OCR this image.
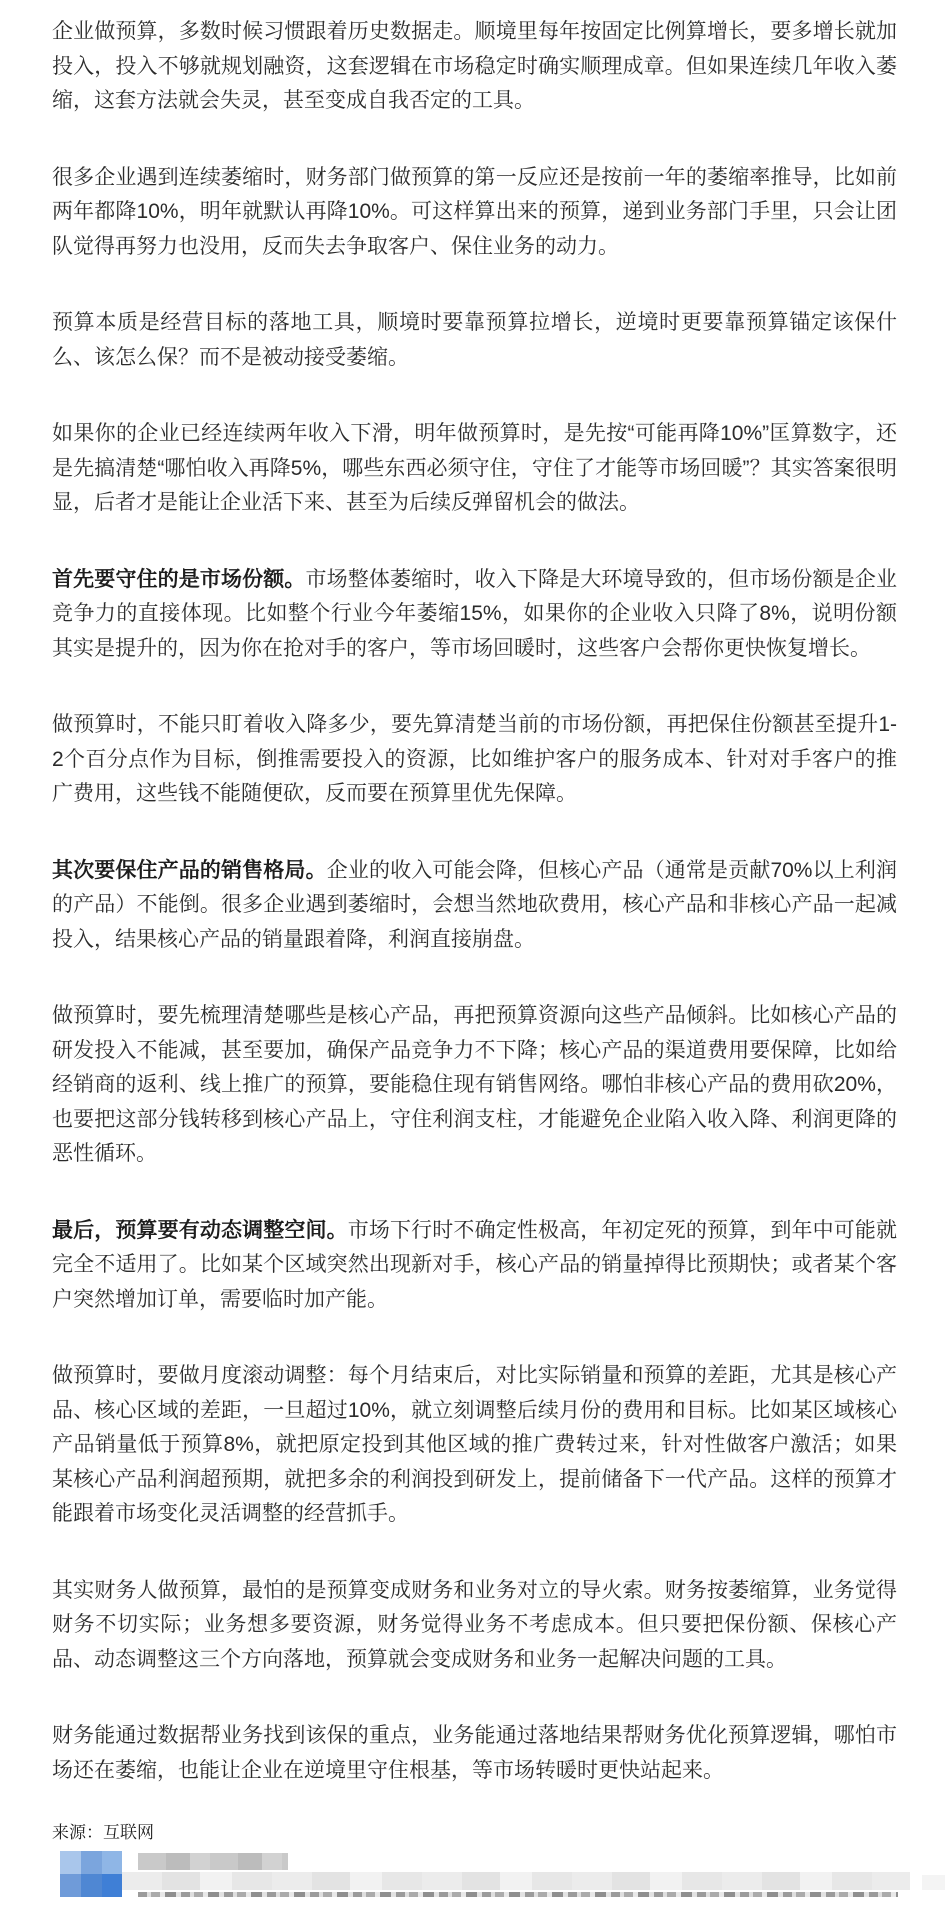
企业做预算，多数时候习惯跟着历史数据走。顺境里每年按固定比例算增长，要多增长就加投入，投入不够就规划融资，这套逻辑在市场稳定时确实顺理成章。但如果连续几年收入萎缩，这套方法就会失灵，甚至变成自我否定的工具。

很多企业遇到连续萎缩时，财务部门做预算的第一反应还是按前一年的萎缩率推导，比如前两年都降10%，明年就默认再降10%。可这样算出来的预算，递到业务部门手里，只会让团队觉得再努力也没用，反而失去争取客户、保住业务的动力。

预算本质是经营目标的落地工具，顺境时要靠预算拉增长，逆境时更要靠预算锚定该保什么、该怎么保？而不是被动接受萎缩。

如果你的企业已经连续两年收入下滑，明年做预算时，是先按“可能再降10%”匡算数字，还是先搞清楚“哪怕收入再降5%，哪些东西必须守住，守住了才能等市场回暖”？其实答案很明显，后者才是能让企业活下来、甚至为后续反弹留机会的做法。

首先要守住的是市场份额。市场整体萎缩时，收入下降是大环境导致的，但市场份额是企业竞争力的直接体现。比如整个行业今年萎缩15%，如果你的企业收入只降了8%，说明份额其实是提升的，因为你在抢对手的客户，等市场回暖时，这些客户会帮你更快恢复增长。

做预算时，不能只盯着收入降多少，要先算清楚当前的市场份额，再把保住份额甚至提升1-2个百分点作为目标，倒推需要投入的资源，比如维护客户的服务成本、针对对手客户的推广费用，这些钱不能随便砍，反而要在预算里优先保障。

其次要保住产品的销售格局。企业的收入可能会降，但核心产品（通常是贡献70%以上利润的产品）不能倒。很多企业遇到萎缩时，会想当然地砍费用，核心产品和非核心产品一起减投入，结果核心产品的销量跟着降，利润直接崩盘。

做预算时，要先梳理清楚哪些是核心产品，再把预算资源向这些产品倾斜。比如核心产品的研发投入不能减，甚至要加，确保产品竞争力不下降；核心产品的渠道费用要保障，比如给经销商的返利、线上推广的预算，要能稳住现有销售网络。哪怕非核心产品的费用砍20%，也要把这部分钱转移到核心产品上，守住利润支柱，才能避免企业陷入收入降、利润更降的恶性循环。

最后，预算要有动态调整空间。市场下行时不确定性极高，年初定死的预算，到年中可能就完全不适用了。比如某个区域突然出现新对手，核心产品的销量掉得比预期快；或者某个客户突然增加订单，需要临时加产能。

做预算时，要做月度滚动调整：每个月结束后，对比实际销量和预算的差距，尤其是核心产品、核心区域的差距，一旦超过10%，就立刻调整后续月份的费用和目标。比如某区域核心产品销量低于预算8%，就把原定投到其他区域的推广费转过来，针对性做客户激活；如果某核心产品利润超预期，就把多余的利润投到研发上，提前储备下一代产品。这样的预算才能跟着市场变化灵活调整的经营抓手。

其实财务人做预算，最怕的是预算变成财务和业务对立的导火索。财务按萎缩算，业务觉得财务不切实际；业务想多要资源，财务觉得业务不考虑成本。但只要把保份额、保核心产品、动态调整这三个方向落地，预算就会变成财务和业务一起解决问题的工具。

财务能通过数据帮业务找到该保的重点，业务能通过落地结果帮财务优化预算逻辑，哪怕市场还在萎缩，也能让企业在逆境里守住根基，等市场转暖时更快站起来。

来源：互联网
